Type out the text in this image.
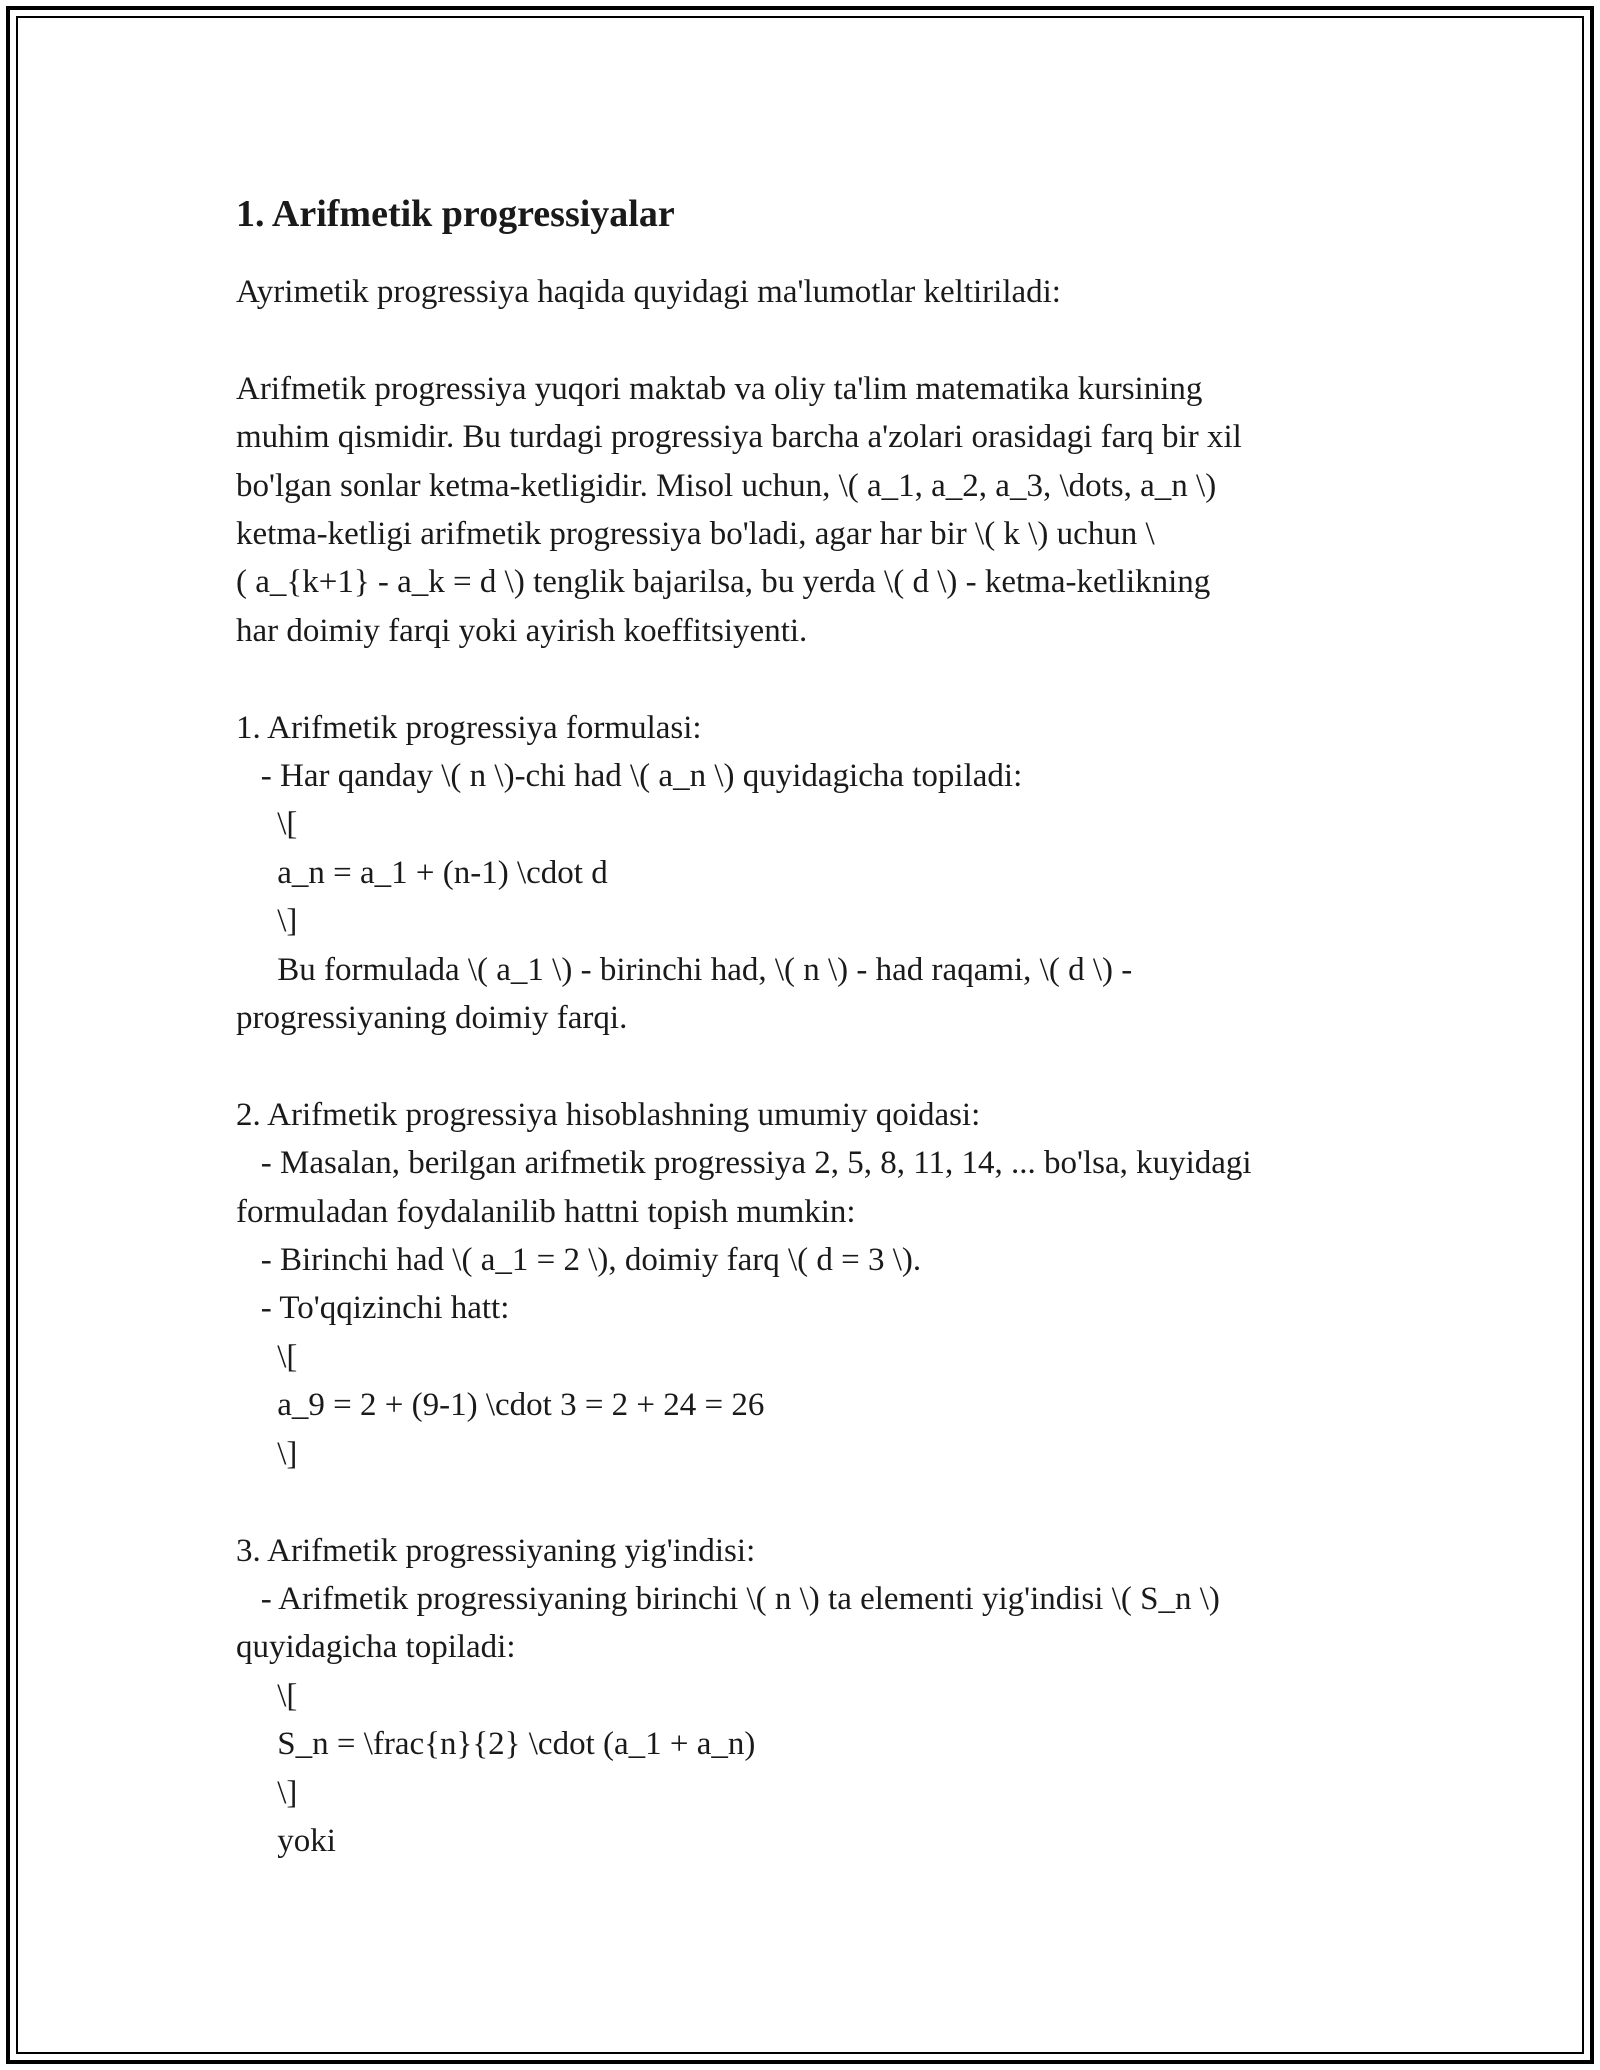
1. Arifmetik progressiyalar

Ayrimetik progressiya haqida quyidagi ma'lumotlar keltiriladi:

Arifmetik progressiya yuqori maktab va oliy ta'lim matematika kursining

muhim qismidir. Bu turdagi progressiya barcha a'zolari orasidagi farq bir xil

bo'lgan sonlar ketma-ketligidir. Misol uchun, \( a_1, a_2, a_3, \dots, a_n \)

ketma-ketligi arifmetik progressiya bo'ladi, agar har bir \( k \) uchun \

( a_{k+1} - a_k = d \) tenglik bajarilsa, bu yerda \( d \) - ketma-ketlikning

har doimiy farqi yoki ayirish koeffitsiyenti.

1. Arifmetik progressiya formulasi:

- Har qanday \( n \)-chi had \( a_n \) quyidagicha topiladi:

\[

a_n = a_1 + (n-1) \cdot d

\]

Bu formulada \( a_1 \) - birinchi had, \( n \) - had raqami, \( d \) -

progressiyaning doimiy farqi.

2. Arifmetik progressiya hisoblashning umumiy qoidasi:

- Masalan, berilgan arifmetik progressiya 2, 5, 8, 11, 14, ... bo'lsa, kuyidagi

formuladan foydalanilib hattni topish mumkin:

- Birinchi had \( a_1 = 2 \), doimiy farq \( d = 3 \).

- To'qqizinchi hatt:

\[

a_9 = 2 + (9-1) \cdot 3 = 2 + 24 = 26

\]

3. Arifmetik progressiyaning yig'indisi:

- Arifmetik progressiyaning birinchi \( n \) ta elementi yig'indisi \( S_n \)

quyidagicha topiladi:

\[

S_n = \frac{n}{2} \cdot (a_1 + a_n)

\]

yoki
